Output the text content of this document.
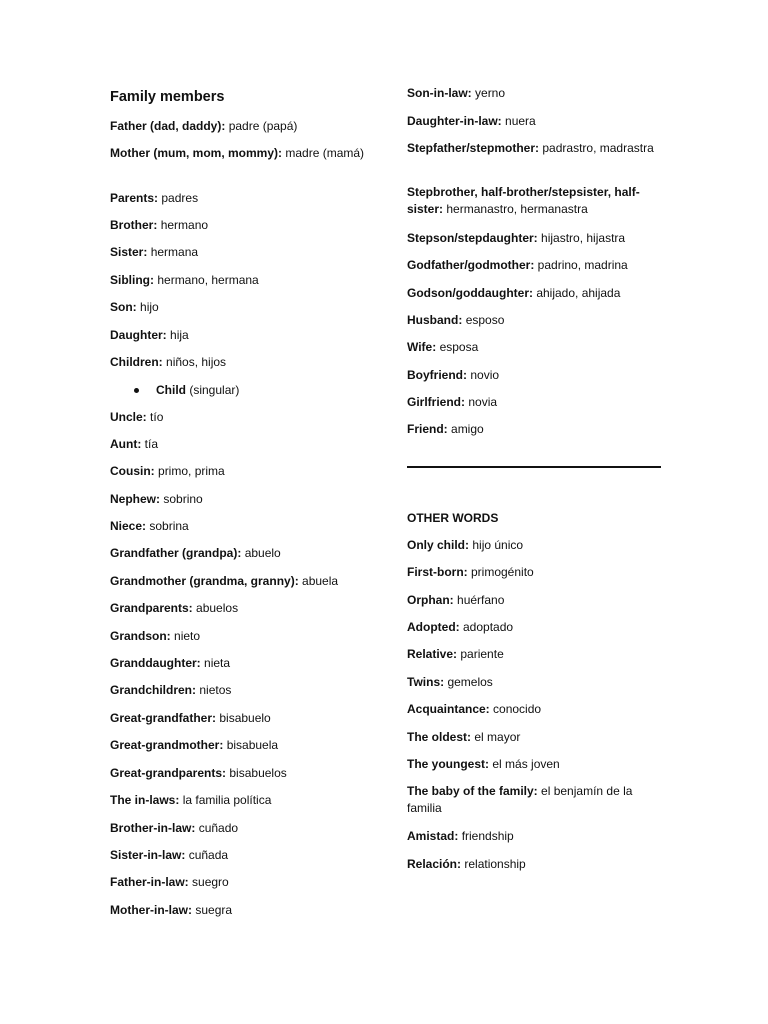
Family members
Father (dad, daddy): padre (papá)
Mother (mum, mom, mommy): madre (mamá)
Parents: padres
Brother: hermano
Sister: hermana
Sibling: hermano, hermana
Son: hijo
Daughter: hija
Children: niños, hijos
Child (singular)
Uncle: tío
Aunt: tía
Cousin: primo, prima
Nephew: sobrino
Niece: sobrina
Grandfather (grandpa): abuelo
Grandmother (grandma, granny): abuela
Grandparents: abuelos
Grandson: nieto
Granddaughter: nieta
Grandchildren: nietos
Great-grandfather: bisabuelo
Great-grandmother: bisabuela
Great-grandparents: bisabuelos
The in-laws: la familia política
Brother-in-law: cuñado
Sister-in-law: cuñada
Father-in-law: suegro
Mother-in-law: suegra
Son-in-law: yerno
Daughter-in-law: nuera
Stepfather/stepmother: padrastro, madrastra
Stepbrother, half-brother/stepsister, half-sister: hermanastro, hermanastra
Stepson/stepdaughter: hijastro, hijastra
Godfather/godmother: padrino, madrina
Godson/goddaughter: ahijado, ahijada
Husband: esposo
Wife: esposa
Boyfriend: novio
Girlfriend: novia
Friend: amigo
OTHER WORDS
Only child: hijo único
First-born: primogénito
Orphan: huérfano
Adopted: adoptado
Relative: pariente
Twins: gemelos
Acquaintance: conocido
The oldest: el mayor
The youngest: el más joven
The baby of the family: el benjamín de la familia
Amistad: friendship
Relación: relationship
